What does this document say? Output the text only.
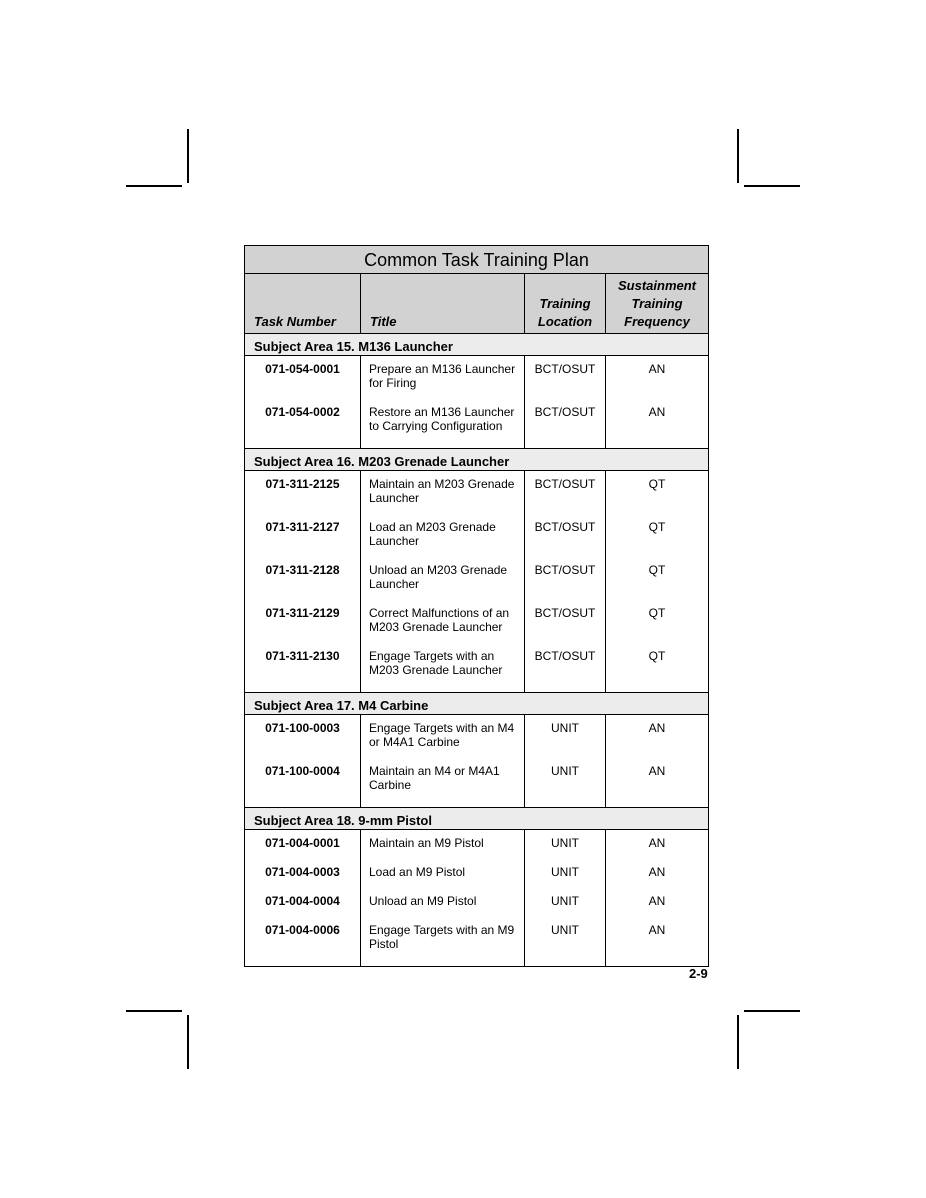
Common Task Training Plan
Task Number	Title
Training Location
Sustainment Training Frequency
Subject Area 15. M136 Launcher
071-054-0001
071-054-0002
Prepare an M136 Launcher for Firing
Restore an M136 Launcher to Carrying Configuration
BCT/OSUT
BCT/OSUT
AN
AN
Subject Area 16. M203 Grenade Launcher
071-311-2125
071-311-2127
071-311-2128
071-311-2129
071-311-2130
Maintain an M203 Grenade Launcher
Load an M203 Grenade Launcher
Unload an M203 Grenade Launcher
Correct Malfunctions of an M203 Grenade Launcher
Engage Targets with an M203 Grenade Launcher
BCT/OSUT
BCT/OSUT
BCT/OSUT
BCT/OSUT
BCT/OSUT
QT
QT
QT
QT
QT
Subject Area 17. M4 Carbine
071-100-0003
071-100-0004
Engage Targets with an M4 or M4A1 Carbine
Maintain an M4 or M4A1 Carbine
UNIT
UNIT
AN
AN
Subject Area 18. 9-mm Pistol
071-004-0001
071-004-0003
071-004-0004
071-004-0006
Maintain an M9 Pistol
Load an M9 Pistol
Unload an M9 Pistol
Engage Targets with an M9 Pistol
UNIT
UNIT
UNIT
UNIT
AN
AN
AN
AN
2-9
